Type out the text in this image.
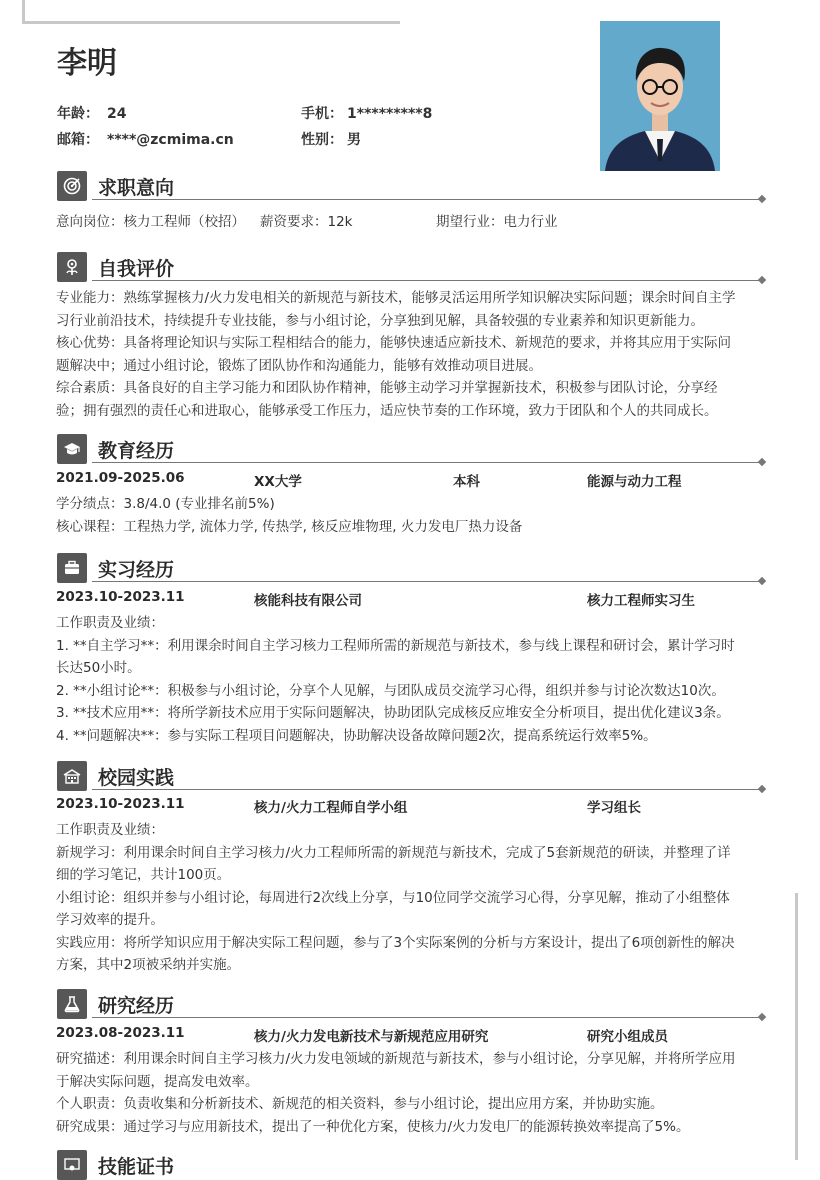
李明
年龄： 24	手机： 1*********8
邮箱： ****@zcmima.cn	性别： 男
求职意向
意向岗位：核力工程师（校招） 薪资要求：12k	期望行业：电力行业
自我评价
专业能力：熟练掌握核力/火力发电相关的新规范与新技术，能够灵活运用所学知识解决实际问题；课余时间自主学
习行业前沿技术，持续提升专业技能，参与小组讨论，分享独到见解，具备较强的专业素养和知识更新能力。
核心优势：具备将理论知识与实际工程相结合的能力，能够快速适应新技术、新规范的要求，并将其应用于实际问
题解决中；通过小组讨论，锻炼了团队协作和沟通能力，能够有效推动项目进展。
综合素质：具备良好的自主学习能力和团队协作精神，能够主动学习并掌握新技术，积极参与团队讨论，分享经
验；拥有强烈的责任心和进取心，能够承受工作压力，适应快节奏的工作环境，致力于团队和个人的共同成长。
教育经历
2021.09-2025.06	XX大学	本科	能源与动力工程
学分绩点：3.8/4.0 (专业排名前5%)
核心课程：工程热力学, 流体力学, 传热学, 核反应堆物理, 火力发电厂热力设备
实习经历
2023.10-2023.11	核能科技有限公司	核力工程师实习生
工作职责及业绩：
1. **自主学习**：利用课余时间自主学习核力工程师所需的新规范与新技术，参与线上课程和研讨会，累计学习时
长达50小时。
2. **小组讨论**：积极参与小组讨论，分享个人见解，与团队成员交流学习心得，组织并参与讨论次数达10次。
3. **技术应用**：将所学新技术应用于实际问题解决，协助团队完成核反应堆安全分析项目，提出优化建议3条。
4. **问题解决**：参与实际工程项目问题解决，协助解决设备故障问题2次，提高系统运行效率5%。
校园实践
2023.10-2023.11	核力/火力工程师自学小组	学习组长
工作职责及业绩：
新规学习：利用课余时间自主学习核力/火力工程师所需的新规范与新技术，完成了5套新规范的研读，并整理了详
细的学习笔记，共计100页。
小组讨论：组织并参与小组讨论，每周进行2次线上分享，与10位同学交流学习心得，分享见解，推动了小组整体
学习效率的提升。
实践应用：将所学知识应用于解决实际工程问题，参与了3个实际案例的分析与方案设计，提出了6项创新性的解决
方案，其中2项被采纳并实施。
研究经历
2023.08-2023.11	核力/火力发电新技术与新规范应用研究	研究小组成员
研究描述：利用课余时间自主学习核力/火力发电领域的新规范与新技术，参与小组讨论，分享见解，并将所学应用
于解决实际问题，提高发电效率。
个人职责：负责收集和分析新技术、新规范的相关资料，参与小组讨论，提出应用方案，并协助实施。
研究成果：通过学习与应用新技术，提出了一种优化方案，使核力/火力发电厂的能源转换效率提高了5%。
技能证书
